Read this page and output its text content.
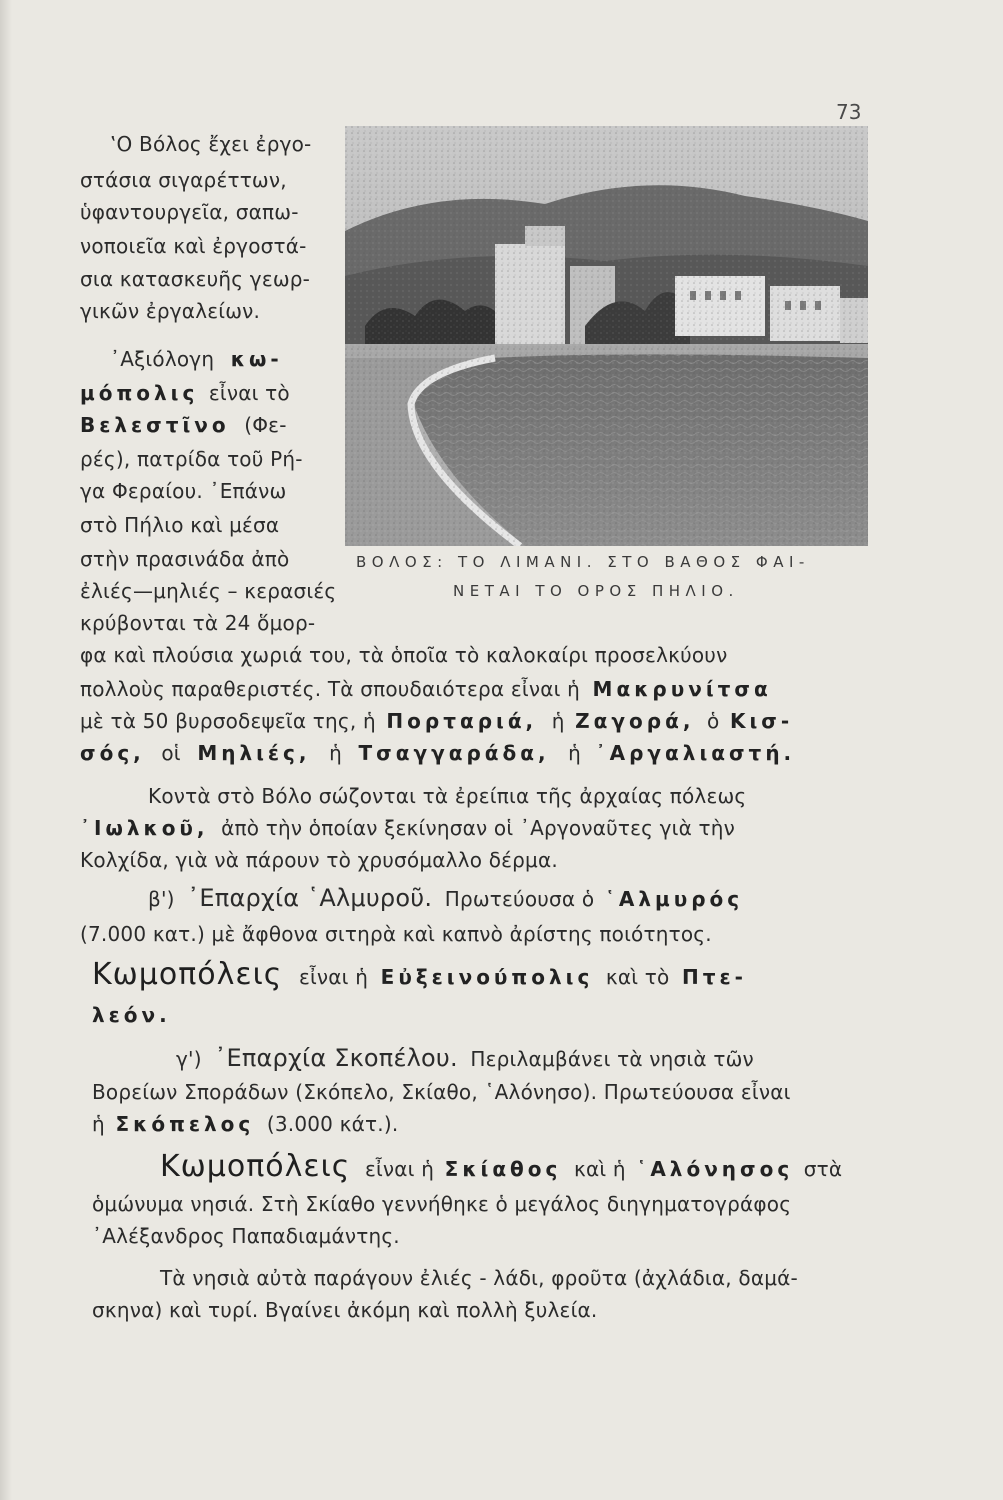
73
‛Ο Βόλος ἔχει ἐργο-
στάσια σιγαρέττων,
ὑφαντουργεῖα, σαπω-
νοποιεῖα καὶ ἐργοστά-
σια κατασκευῆς γεωρ-
γικῶν ἐργαλείων.
᾿Αξιόλογη κω-
μόπολις εἶναι τὸ
Βελεστῖνο (Φε-
ρές), πατρίδα τοῦ Ρή-
γα Φεραίου. ᾿Επάνω
στὸ Πήλιο καὶ μέσα
στὴν πρασινάδα ἀπὸ
ἐλιές—μηλιές – κερασιές
κρύβονται τὰ 24 ὅμορ-
ΒΟΛΟΣ: ΤΟ ΛΙΜΑΝΙ. ΣΤΟ ΒΑΘΟΣ ΦΑΙ-
ΝΕΤΑΙ ΤΟ ΟΡΟΣ ΠΗΛΙΟ.
φα καὶ πλούσια χωριά του, τὰ ὁποῖα τὸ καλοκαίρι προσελκύουν
πολλοὺς παραθεριστές. Τὰ σπουδαιότερα εἶναι ἡ Μακρυνίτσα
μὲ τὰ 50 βυρσοδεψεῖα της, ἡ Πορταριά, ἡ Ζαγορά, ὁ Κισ-
σός, οἱ Μηλιές, ἡ Τσαγγαράδα, ἡ ᾿Αργαλιαστή.
Κοντὰ στὸ Βόλο σώζονται τὰ ἐρείπια τῆς ἀρχαίας πόλεως
᾿Ιωλκοῦ, ἀπὸ τὴν ὁποίαν ξεκίνησαν οἱ ᾿Αργοναῦτες γιὰ τὴν
Κολχίδα, γιὰ νὰ πάρουν τὸ χρυσόμαλλο δέρμα.
β') ᾿Επαρχία ῾Αλμυροῦ. Πρωτεύουσα ὁ ῾Αλμυρός
(7.000 κατ.) μὲ ἄφθονα σιτηρὰ καὶ καπνὸ ἀρίστης ποιότητος.
Κωμοπόλεις εἶναι ἡ Εὐξεινούπολις καὶ τὸ Πτε-
λεόν.
γ') ᾿Επαρχία Σκοπέλου. Περιλαμβάνει τὰ νησιὰ τῶν
Βορείων Σποράδων (Σκόπελο, Σκίαθο, ῾Αλόνησο). Πρωτεύουσα εἶναι
ἡ Σκόπελος (3.000 κάτ.).
Κωμοπόλεις εἶναι ἡ Σκίαθος καὶ ἡ ῾Αλόνησος στὰ
ὁμώνυμα νησιά. Στὴ Σκίαθο γεννήθηκε ὁ μεγάλος διηγηματογράφος
᾿Αλέξανδρος Παπαδιαμάντης.
Τὰ νησιὰ αὐτὰ παράγουν ἐλιές - λάδι, φροῦτα (ἀχλάδια, δαμά-
σκηνα) καὶ τυρί. Βγαίνει ἀκόμη καὶ πολλὴ ξυλεία.
